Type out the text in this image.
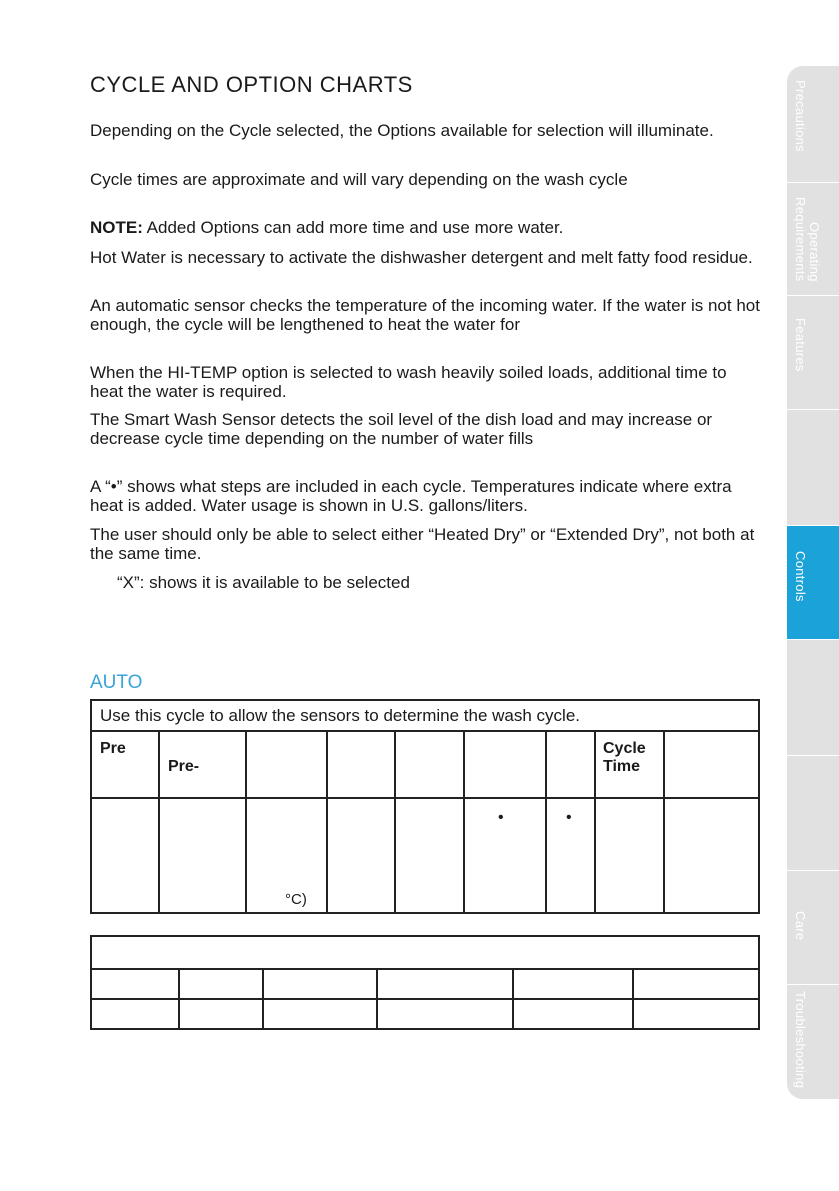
CYCLE AND OPTION CHARTS

Depending on the Cycle selected, the Options available for selection will illuminate.

Cycle times are approximate and will vary depending on the wash cycle

NOTE: Added Options can add more time and use more water.

Hot Water is necessary to activate the dishwasher detergent and melt fatty food residue.

An automatic sensor checks the temperature of the incoming water. If the water is not hot enough, the cycle will be lengthened to heat the water for

When the HI-TEMP option is selected to wash heavily soiled loads, additional time to heat the water is required.

The Smart Wash Sensor detects the soil level of the dish load and may increase or decrease cycle time depending on the number of water fills

A “•” shows what steps are included in each cycle. Temperatures indicate where extra heat is added. Water usage is shown in U.S. gallons/liters.

The user should only be able to select either “Heated Dry” or “Extended Dry”, not both at the same time.

“X”: shows it is available to be selected

AUTO
Use this cycle to allow the sensors to determine the wash cycle.
Pre
Pre-
Cycle Time
°C)
•	•
Precautions
Operating
Requirements
Features
Controls
Care
Troubleshooting
